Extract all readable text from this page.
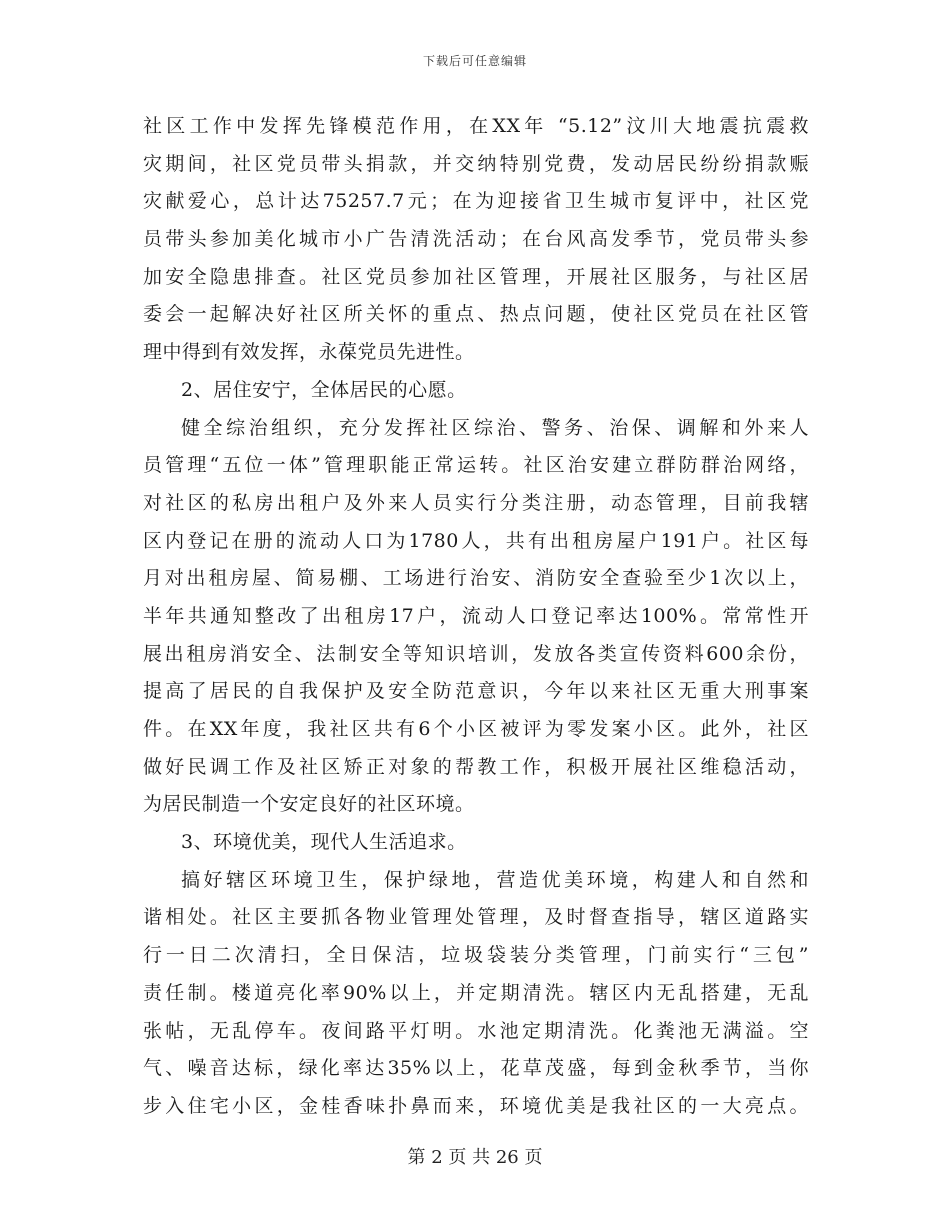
下载后可任意编辑
社区工作中发挥先锋模范作用，在XX年 “5.12”汶川大地震抗震救
灾期间，社区党员带头捐款，并交纳特别党费，发动居民纷纷捐款赈
灾献爱心，总计达75257.7元；在为迎接省卫生城市复评中，社区党
员带头参加美化城市小广告清洗活动；在台风高发季节，党员带头参
加安全隐患排查。社区党员参加社区管理，开展社区服务，与社区居
委会一起解决好社区所关怀的重点、热点问题，使社区党员在社区管
理中得到有效发挥，永葆党员先进性。
2、居住安宁，全体居民的心愿。
健全综治组织，充分发挥社区综治、警务、治保、调解和外来人
员管理“五位一体”管理职能正常运转。社区治安建立群防群治网络，
对社区的私房出租户及外来人员实行分类注册，动态管理，目前我辖
区内登记在册的流动人口为1780人，共有出租房屋户191户。社区每
月对出租房屋、简易棚、工场进行治安、消防安全查验至少1次以上，
半年共通知整改了出租房17户，流动人口登记率达100%。常常性开
展出租房消安全、法制安全等知识培训，发放各类宣传资料600余份，
提高了居民的自我保护及安全防范意识，今年以来社区无重大刑事案
件。在XX年度，我社区共有6个小区被评为零发案小区。此外，社区
做好民调工作及社区矫正对象的帮教工作，积极开展社区维稳活动，
为居民制造一个安定良好的社区环境。
3、环境优美，现代人生活追求。
搞好辖区环境卫生，保护绿地，营造优美环境，构建人和自然和
谐相处。社区主要抓各物业管理处管理，及时督查指导，辖区道路实
行一日二次清扫，全日保洁，垃圾袋装分类管理，门前实行“三包”
责任制。楼道亮化率90%以上，并定期清洗。辖区内无乱搭建，无乱
张帖，无乱停车。夜间路平灯明。水池定期清洗。化粪池无满溢。空
气、噪音达标，绿化率达35%以上，花草茂盛，每到金秋季节，当你
步入住宅小区，金桂香味扑鼻而来，环境优美是我社区的一大亮点。
第 2 页 共 26 页
